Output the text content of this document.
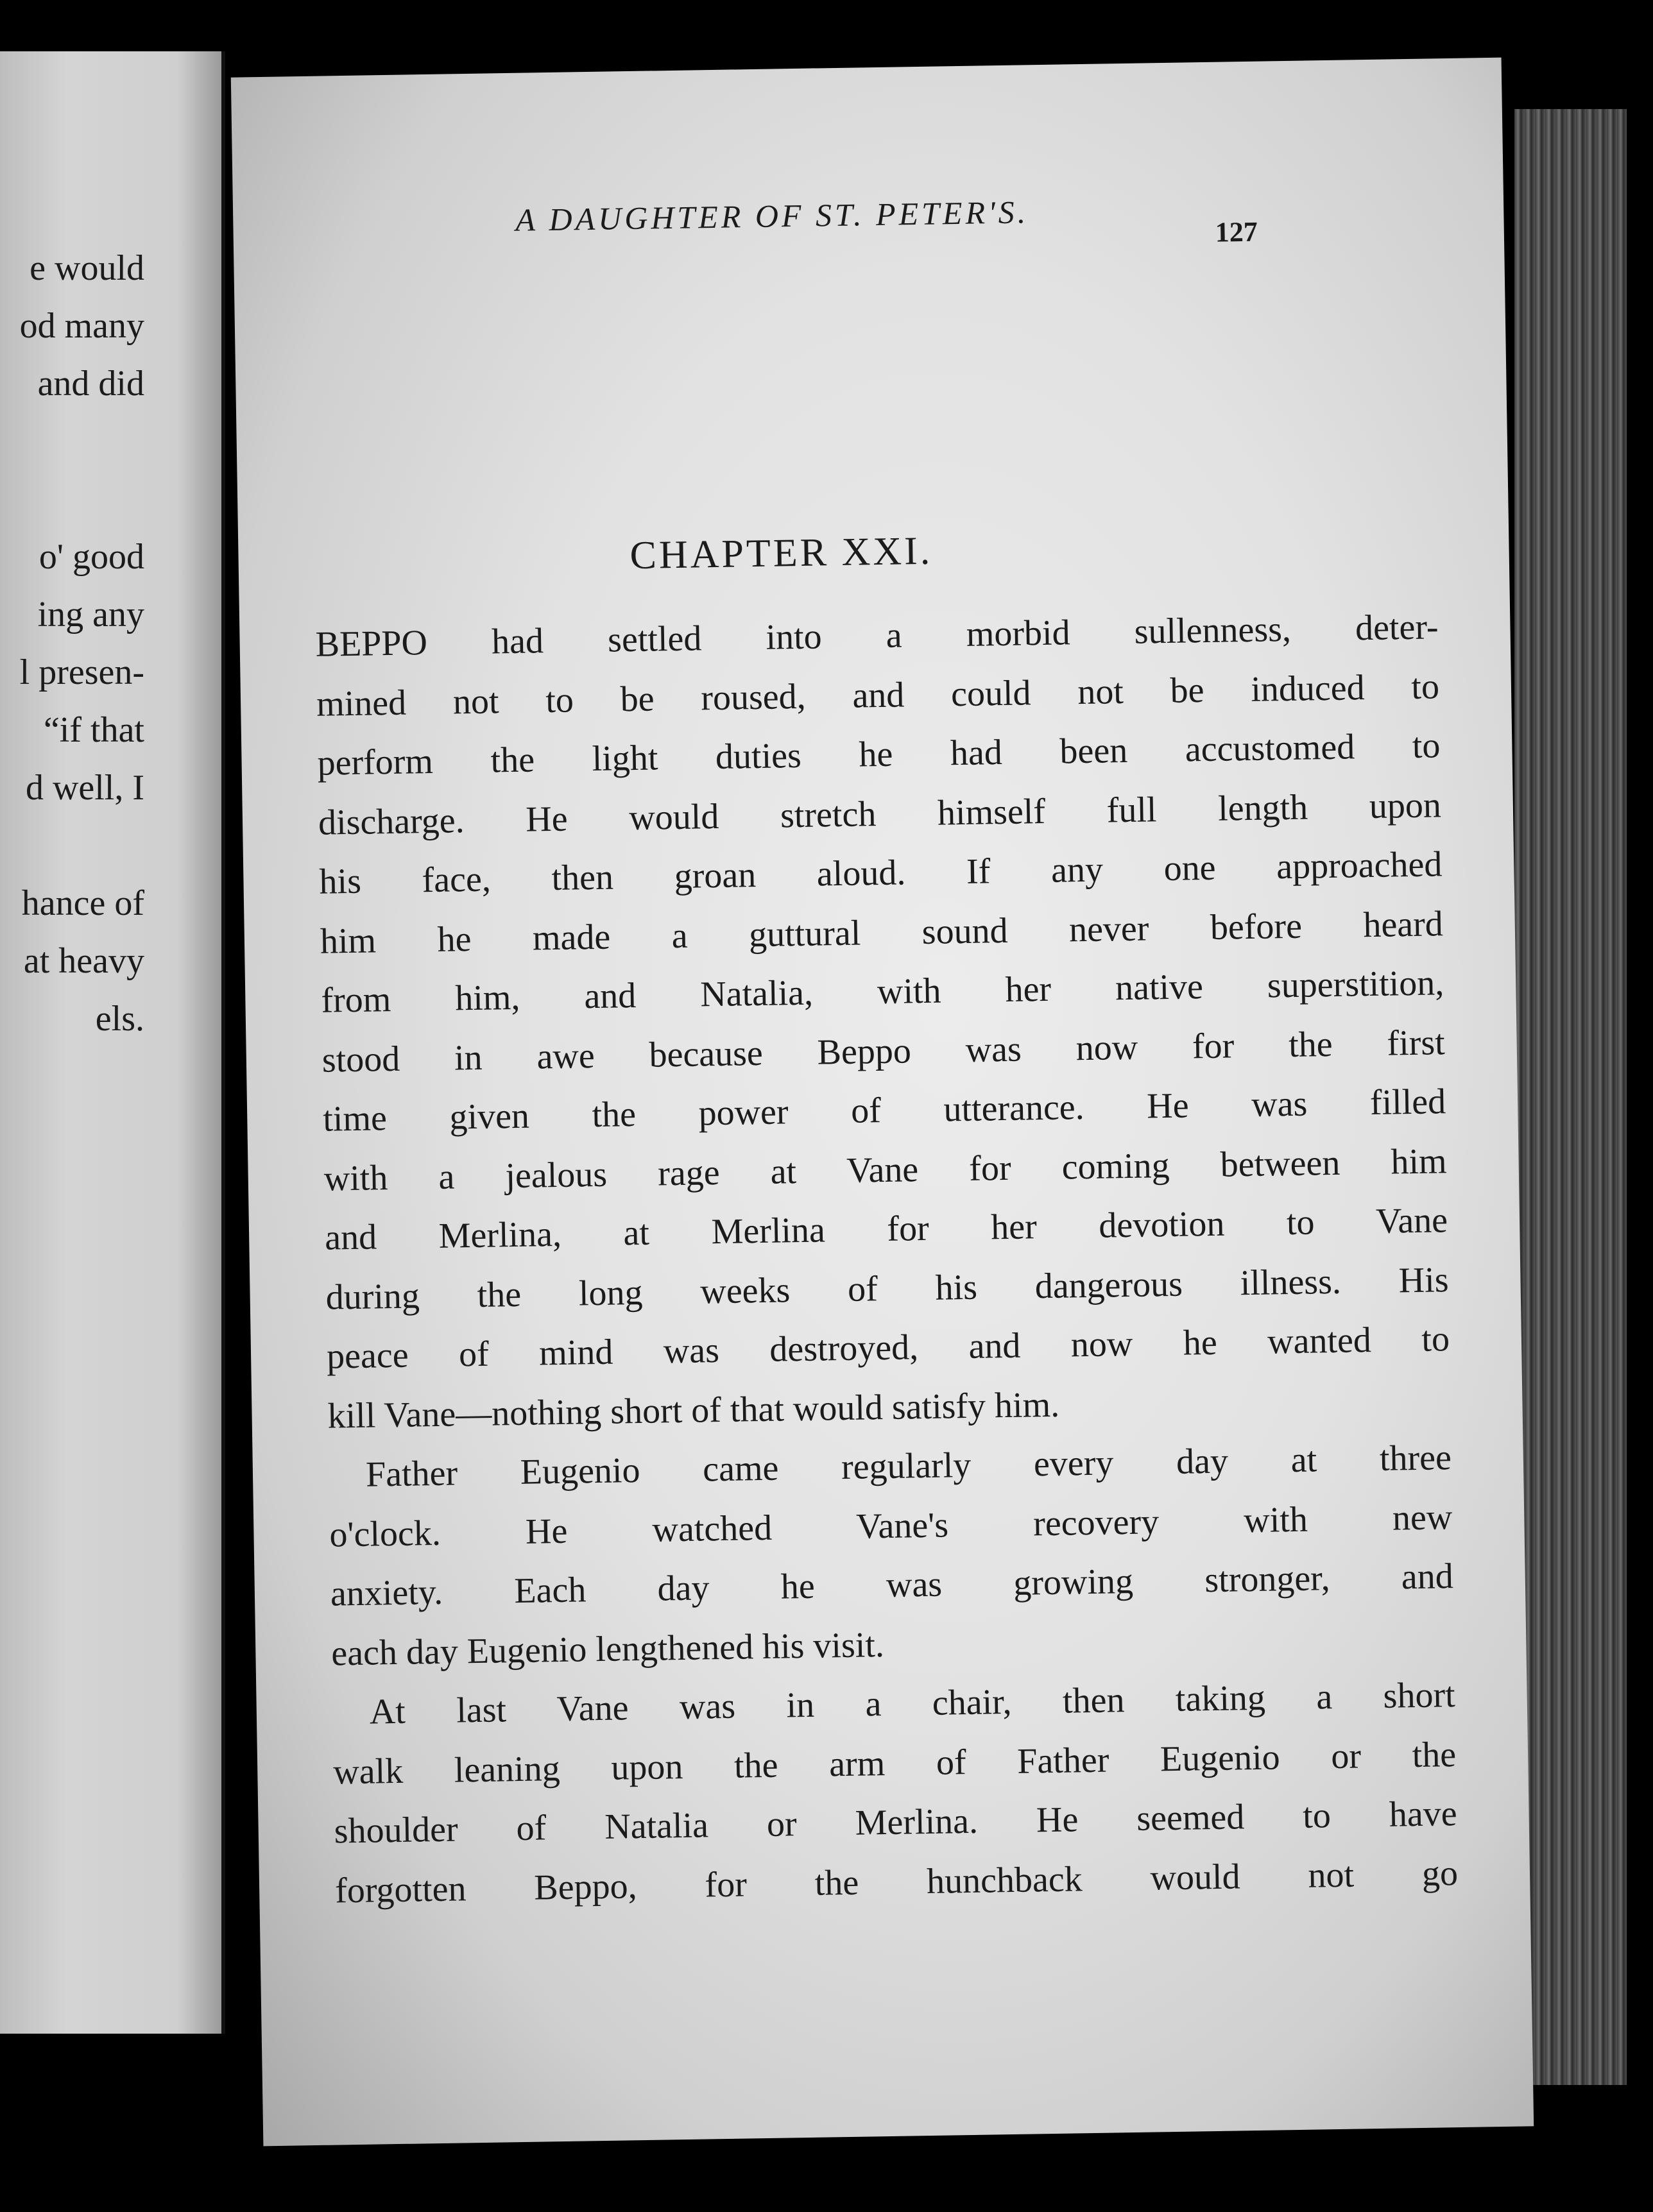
e would
od many
and did
o' good
ing any
l presen-
“if that
d well, I
hance of
at heavy
els.
A DAUGHTER OF ST. PETER'S.	127
CHAPTER XXI.
BEPPO had settled into a morbid sullenness, deter-
mined not to be roused, and could not be induced to
perform the light duties he had been accustomed to
discharge. He would stretch himself full length upon
his face, then groan aloud. If any one approached
him he made a guttural sound never before heard
from him, and Natalia, with her native superstition,
stood in awe because Beppo was now for the first
time given the power of utterance. He was filled
with a jealous rage at Vane for coming between him
and Merlina, at Merlina for her devotion to Vane
during the long weeks of his dangerous illness. His
peace of mind was destroyed, and now he wanted to
kill Vane—nothing short of that would satisfy him.
Father Eugenio came regularly every day at three
o'clock. He watched Vane's recovery with new
anxiety. Each day he was growing stronger, and
each day Eugenio lengthened his visit.
At last Vane was in a chair, then taking a short
walk leaning upon the arm of Father Eugenio or the
shoulder of Natalia or Merlina. He seemed to have
forgotten Beppo, for the hunchback would not go
